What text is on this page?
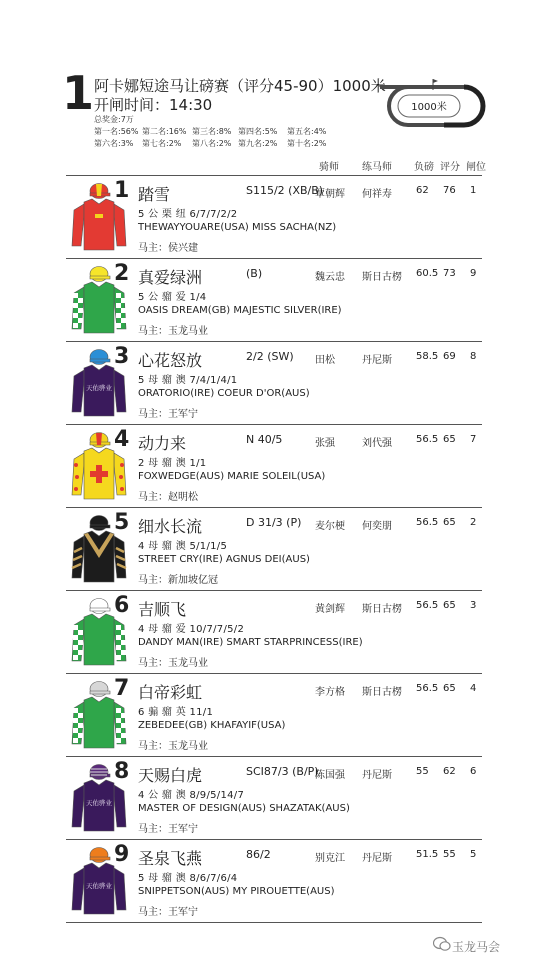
1 阿卡娜短途马让磅赛（评分45-90）1000米
开闸时间：14:30
总奖金:7万
第一名:56% 第二名:16% 第三名:8% 第四名:5% 第五名:4%
第六名:3% 第七名:2% 第八名:2% 第九名:2% 第十名:2%
1000米
骑师 练马师 负磅 评分 闸位
1 踏雪	S115/2 (XB/B)
覃朝辉 何祥寿 62 76 1
5 公 栗 纽 6/7/7/2/2
THEWAYYOUARE(USA) MISS SACHA(NZ)
马主：侯兴建
2 真爱绿洲	(B)	魏云忠 斯日古楞 60.5 73 9
5 公 骝 爱 1/4
OASIS DREAM(GB) MAJESTIC SILVER(IRE)
马主：玉龙马业
天佑骅业
3 心花怒放	2/2 (SW) 田松	丹尼斯 58.5 69 8
5 母 骝 澳 7/4/1/4/1
ORATORIO(IRE) COEUR D'OR(AUS)
马主：王军宁
4 动力来	N 40/5	张强	刘代强 56.5 65 7
2 母 骝 澳 1/1
FOXWEDGE(AUS) MARIE SOLEIL(USA)
马主：赵明松
5 细水长流	D 31/3 (P) 麦尔梗 何奕朋 56.5 65 2
4 母 骝 澳 5/1/1/5
STREET CRY(IRE) AGNUS DEI(AUS)
马主：新加坡亿冠
6 吉顺飞	黄剑辉 斯日古楞 56.5 65 3
4 母 骝 爱 10/7/7/5/2
DANDY MAN(IRE) SMART STARPRINCESS(IRE)
马主：玉龙马业
7 白帝彩虹	李方格 斯日古楞 56.5 65 4
6 骟 骝 英 11/1
ZEBEDEE(GB) KHAFAYIF(USA)
马主：玉龙马业
天佑骅业
8 天赐白虎	SCI87/3 (B/P)
陈国强 丹尼斯 55 62 6
4 公 骝 澳 8/9/5/14/7
MASTER OF DESIGN(AUS) SHAZATAK(AUS)
马主：王军宁
天佑骅业
9 圣泉飞燕	86/2	别克江 丹尼斯 51.5 55 5
5 母 骝 澳 8/6/7/6/4
SNIPPETSON(AUS) MY PIROUETTE(AUS)
马主：王军宁
玉龙马会
